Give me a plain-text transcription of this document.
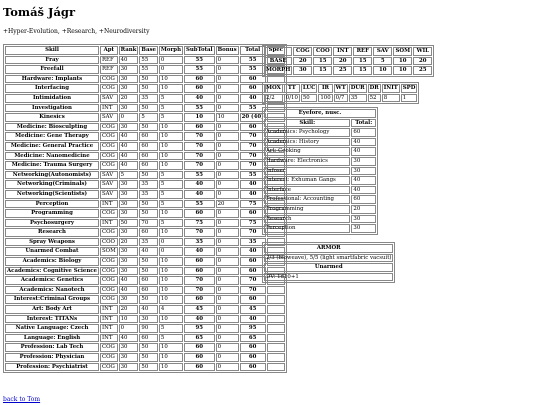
Tomáš Jágr
+Hyper-Evolution, +Research, +Neurodiversity
Skill	Apt	Rank	Base	Morph	SubTotal	Bonus	Total	Spec
Fray	REF	40	55	0	55	0	55	
Freefall	REF	30	55	0	55	0	55	
Hardware: Implants	COG	30	50	10	60	0	60	
Interfacing	COG	30	50	10	60	0	60	
Intimidation	SAV	20	35	5	40	0	40	
Investigation	INT	30	50	5	55	0	55	
Kinesics	SAV	0	5	5	10	10	20 (40)	
Medicine: Biosculpting	COG	30	50	10	60	0	60	
Medicine: Gene Therapy	COG	40	60	10	70	0	70	
Medicine: General Practice	COG	40	60	10	70	0	70	
Medicine: Nanomedicine	COG	40	60	10	70	0	70	
Medicine: Trauma Surgery	COG	40	60	10	70	0	70	
Networking(Autonomists)	SAV	5	50	5	55	0	55	
Networking(Criminals)	SAV	30	35	5	40	0	40	
Networking(Scientists)	SAV	30	35	5	40	0	40	
Perception	INT	30	50	5	55	20	75	
Programming	COG	30	50	10	60	0	60	
Psychosurgery	INT	50	70	5	75	0	75	
Research	COG	30	60	10	70	0	70	
Spray Weapons	COO	20	35	0	35	0	35	
Unarmed Combat	SOM	30	40	0	40	0	40	
Academics: Biology	COG	30	50	10	60	0	60	
Academics: Cognitive Science	COG	30	50	10	60	0	60	
Academics: Genetics	COG	40	60	10	70	0	70	
Academics: Nanotech	COG	40	60	10	70	0	70	
Interest:Criminal Groups	COG	30	50	10	60	0	60	
Art: Body Art	INT	20	40	4	45	0	45	
Interest: TITANs	INT	10	30	10	40	0	40	
Native Language: Czech	INT	0	90	5	95	0	95	
Language: English	INT	40	60	5	65	0	65	
Profession: Lab Tech	COG	30	50	10	60	0	60	
Profession: Physician	COG	30	50	10	60	0	60	
Profession: Psychiatrist	COG	30	50	10	60	0	60	
	COG	COO	INT	REF	SAV	SOM	WIL
BASE	20	15	20	15	5	10	20
MORPH	30	15	25	15	10	10	25
MOX	TT	LUC	IR	WT	DUR	DR	INIT	SPD
2/2	0/10	50	100	0/7	35	52	8	1
Eyefore, nusc.	
Skill:	Total:
Academics: Psychology	60
Academics: History	40
Art: Cooking	40
Hardware: Electronics	30
Infosec	30
Interest: Exhuman Gangs	40
Interface	40
Professional: Accounting	60
Programming	20
Research	30
Perception	30
ARMOR
2/3 (bioweave), 5/5 (light smartfabric vacsuit)
Unarmed
DV: 1d10+1
back to Tom
